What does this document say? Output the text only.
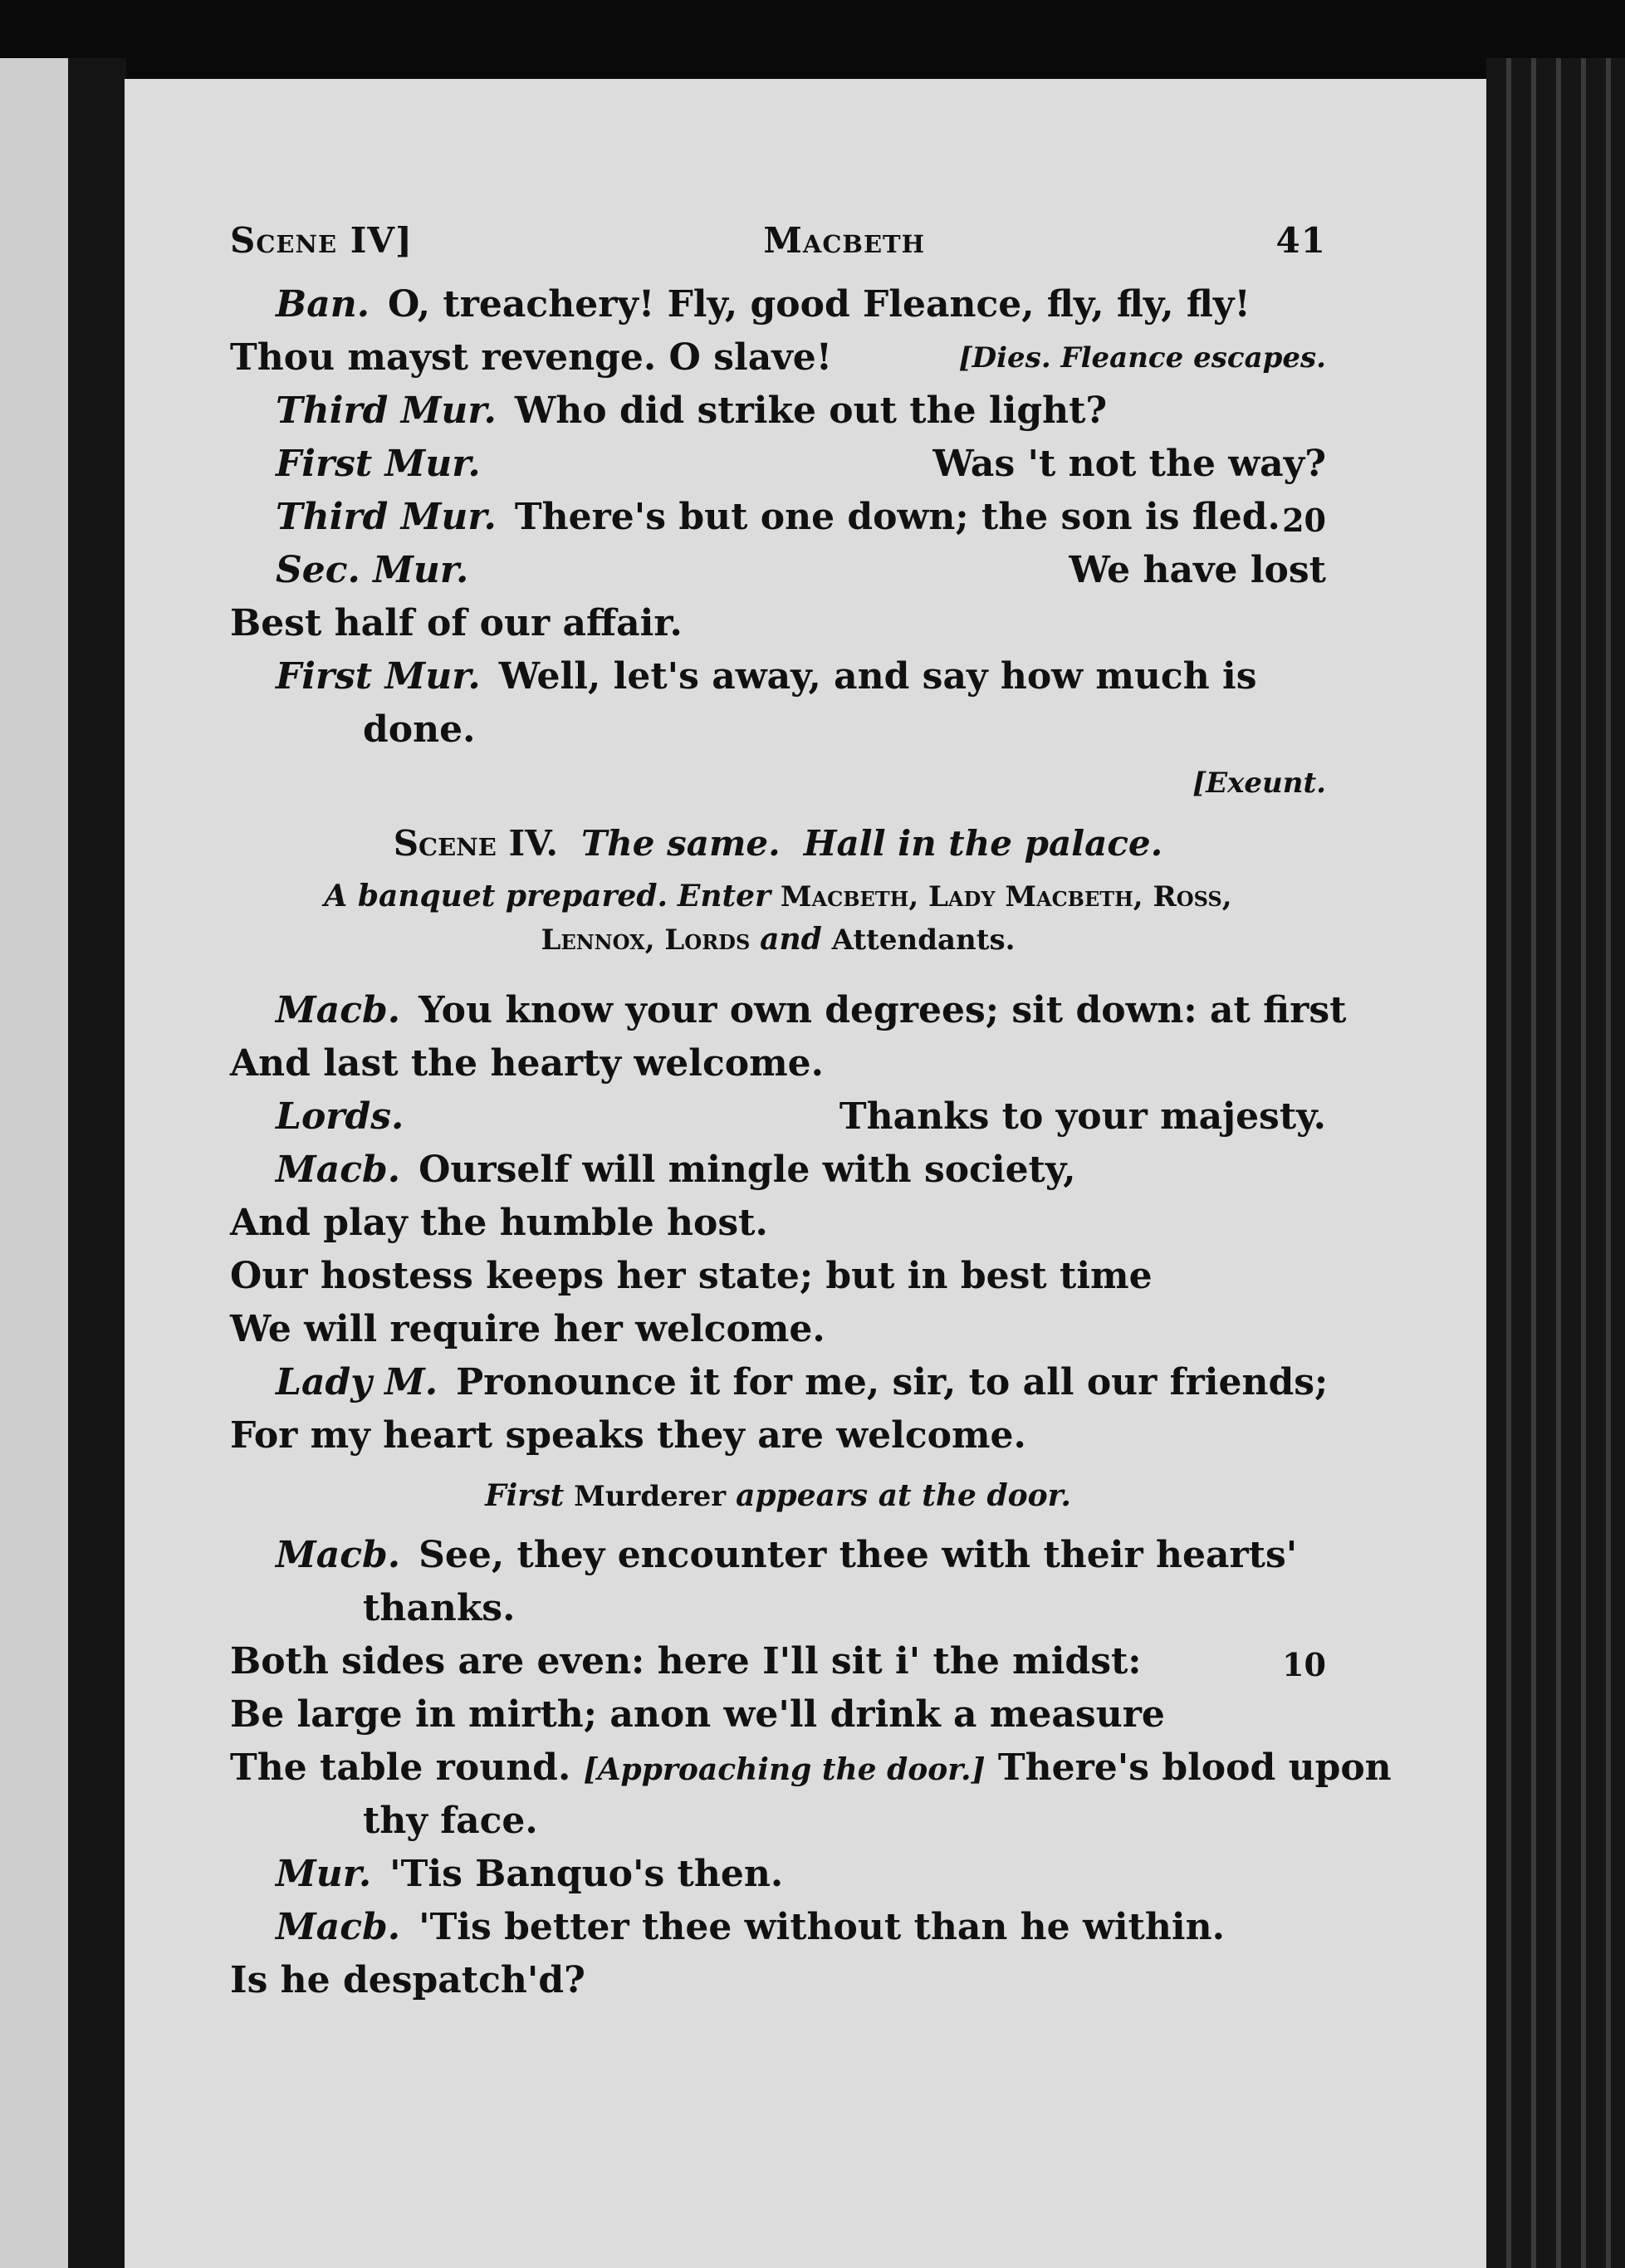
Scene IV]	Macbeth	41
Ban. O, treachery! Fly, good Fleance, fly, fly, fly!
Thou mayst revenge. O slave!	[Dies. Fleance escapes.
Third Mur. Who did strike out the light?
First Mur.	Was 't not the way?
Third Mur. There's but one down; the son is fled. 20
Sec. Mur.	We have lost
Best half of our affair.
First Mur. Well, let's away, and say how much is
done.
[Exeunt.
Scene IV. The same. Hall in the palace.
A banquet prepared. Enter Macbeth, Lady Macbeth, Ross,
Lennox, Lords and Attendants.
Macb. You know your own degrees; sit down: at first
And last the hearty welcome.
Lords.	Thanks to your majesty.
Macb. Ourself will mingle with society,
And play the humble host.
Our hostess keeps her state; but in best time
We will require her welcome.
Lady M. Pronounce it for me, sir, to all our friends;
For my heart speaks they are welcome.
First Murderer appears at the door.
Macb. See, they encounter thee with their hearts'
thanks.
Both sides are even: here I'll sit i' the midst:	10
Be large in mirth; anon we'll drink a measure
The table round. [Approaching the door.] There's blood upon
thy face.
Mur. 'Tis Banquo's then.
Macb. 'Tis better thee without than he within.
Is he despatch'd?
